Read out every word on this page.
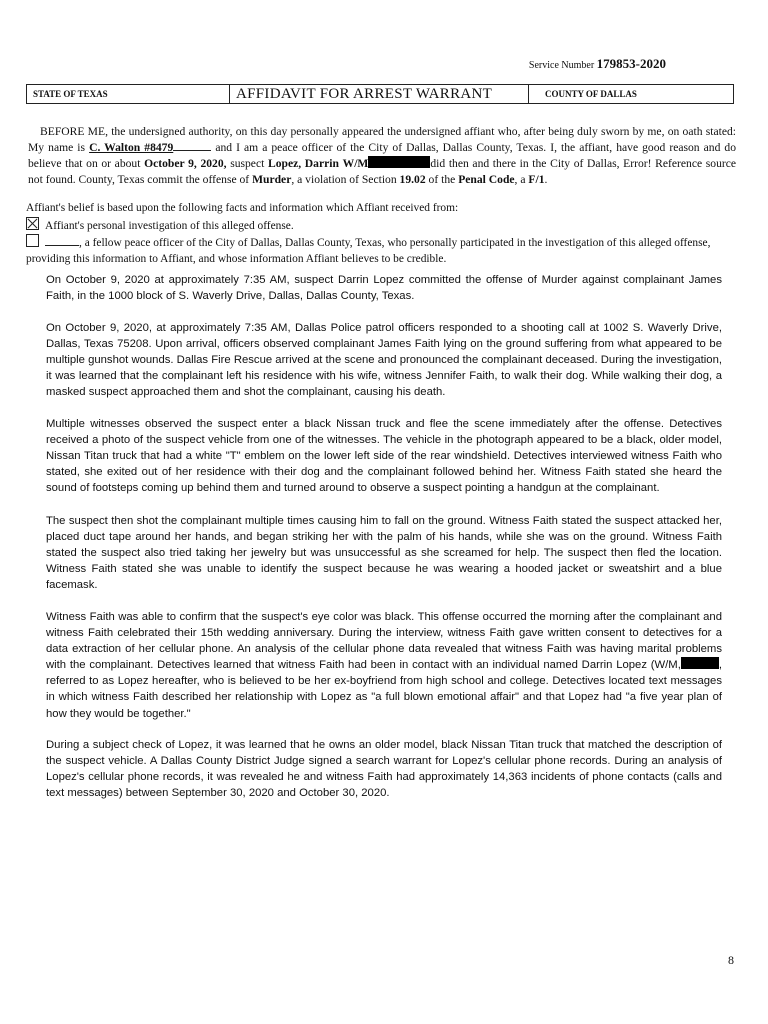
Service Number 179853-2020
STATE OF TEXAS	AFFIDAVIT FOR ARREST WARRANT	COUNTY OF DALLAS

BEFORE ME, the undersigned authority, on this day personally appeared the undersigned affiant who, after being duly sworn by me, on oath stated: My name is C. Walton #8479	and I am a peace officer of the City of Dallas, Dallas County, Texas. I, the affiant, have good reason and do believe that on or about October 9, 2020, suspect Lopez, Darrin W/M	did then and there in the City of Dallas, Error! Reference source not found. County, Texas commit the offense of Murder, a violation of Section 19.02 of the Penal Code, a F/1.

Affiant's belief is based upon the following facts and information which Affiant received from:

Affiant's personal investigation of this alleged offense.

, a fellow peace officer of the City of Dallas, Dallas County, Texas, who personally participated in the investigation of this alleged offense, providing this information to Affiant, and whose information Affiant believes to be credible.

On October 9, 2020 at approximately 7:35 AM, suspect Darrin Lopez committed the offense of Murder against complainant James Faith, in the 1000 block of S. Waverly Drive, Dallas, Dallas County, Texas.

On October 9, 2020, at approximately 7:35 AM, Dallas Police patrol officers responded to a shooting call at 1002 S. Waverly Drive, Dallas, Texas 75208. Upon arrival, officers observed complainant James Faith lying on the ground suffering from what appeared to be multiple gunshot wounds. Dallas Fire Rescue arrived at the scene and pronounced the complainant deceased. During the investigation, it was learned that the complainant left his residence with his wife, witness Jennifer Faith, to walk their dog. While walking their dog, a masked suspect approached them and shot the complainant, causing his death.

Multiple witnesses observed the suspect enter a black Nissan truck and flee the scene immediately after the offense. Detectives received a photo of the suspect vehicle from one of the witnesses. The vehicle in the photograph appeared to be a black, older model, Nissan Titan truck that had a white "T" emblem on the lower left side of the rear windshield. Detectives interviewed witness Faith who stated, she exited out of her residence with their dog and the complainant followed behind her. Witness Faith stated she heard the sound of footsteps coming up behind them and turned around to observe a suspect pointing a handgun at the complainant.

The suspect then shot the complainant multiple times causing him to fall on the ground. Witness Faith stated the suspect attacked her, placed duct tape around her hands, and began striking her with the palm of his hands, while she was on the ground. Witness Faith stated the suspect also tried taking her jewelry but was unsuccessful as she screamed for help. The suspect then fled the location. Witness Faith stated she was unable to identify the suspect because he was wearing a hooded jacket or sweatshirt and a blue facemask.

Witness Faith was able to confirm that the suspect's eye color was black. This offense occurred the morning after the complainant and witness Faith celebrated their 15th wedding anniversary. During the interview, witness Faith gave written consent to detectives for a data extraction of her cellular phone. An analysis of the cellular phone data revealed that witness Faith was having marital problems with the complainant. Detectives learned that witness Faith had been in contact with an individual named Darrin Lopez (W/M,	, referred to as Lopez hereafter, who is believed to be her ex-boyfriend from high school and college. Detectives located text messages in which witness Faith described her relationship with Lopez as "a full blown emotional affair" and that Lopez had "a five year plan of how they would be together."

During a subject check of Lopez, it was learned that he owns an older model, black Nissan Titan truck that matched the description of the suspect vehicle. A Dallas County District Judge signed a search warrant for Lopez's cellular phone records. During an analysis of Lopez's cellular phone records, it was revealed he and witness Faith had approximately 14,363 incidents of phone contacts (calls and text messages) between September 30, 2020 and October 30, 2020.

8
